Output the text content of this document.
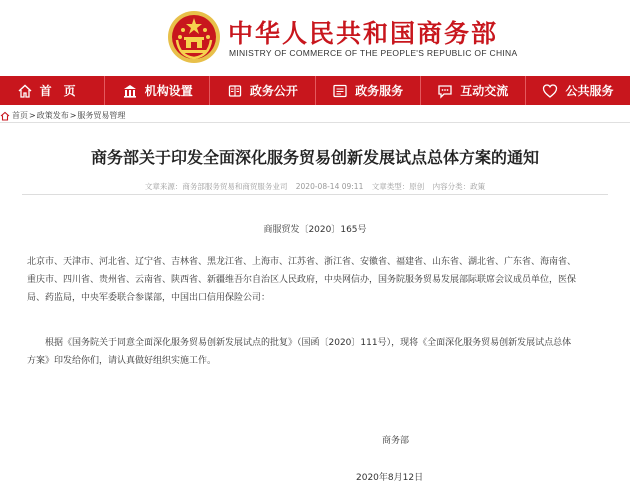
中华人民共和国商务部
MINISTRY OF COMMERCE OF THE PEOPLE'S REPUBLIC OF CHINA
首页	机构设置	政务公开	政务服务	互动交流	公共服务
首页 > 政策发布 > 服务贸易管理
商务部关于印发全面深化服务贸易创新发展试点总体方案的通知
文章来源：商务部服务贸易和商贸服务业司 2020-08-14 09:11 文章类型：原创 内容分类：政策
商服贸发〔2020〕165号

北京市、天津市、河北省、辽宁省、吉林省、黑龙江省、上海市、江苏省、浙江省、安徽省、福建省、山东省、湖北省、广东省、海南省、

重庆市、四川省、贵州省、云南省、陕西省、新疆维吾尔自治区人民政府，中央网信办，国务院服务贸易发展部际联席会议成员单位，医保

局、药监局，中央军委联合参谋部，中国出口信用保险公司：

根据《国务院关于同意全面深化服务贸易创新发展试点的批复》（国函〔2020〕111号），现将《全面深化服务贸易创新发展试点总体

方案》印发给你们，请认真做好组织实施工作。

商务部
2020年8月12日
